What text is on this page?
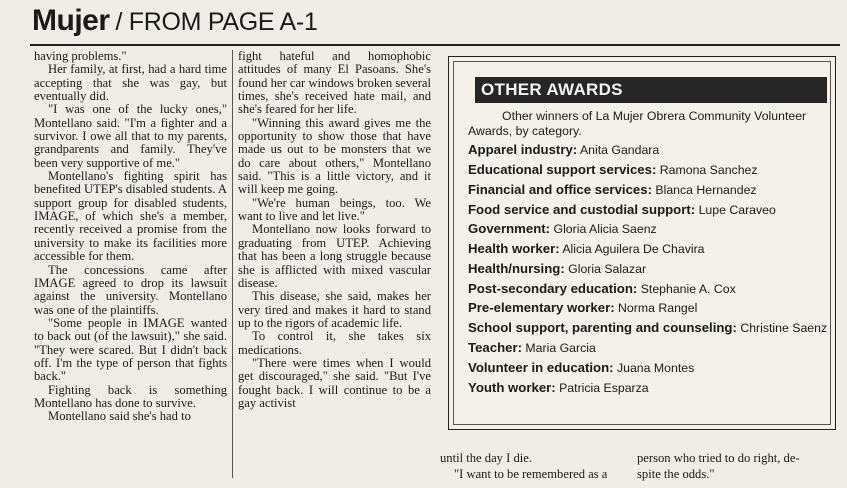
Mujer / FROM PAGE A-1

having problems."

Her family, at first, had a hard time accepting that she was gay, but eventually did.

"I was one of the lucky ones," Montellano said. "I'm a fighter and a survivor. I owe all that to my parents, grandparents and family. They've been very supportive of me."

Montellano's fighting spirit has benefited UTEP's disabled students. A support group for disabled students, IMAGE, of which she's a member, recently received a promise from the university to make its facilities more accessible for them.

The concessions came after IMAGE agreed to drop its lawsuit against the university. Montellano was one of the plaintiffs.

"Some people in IMAGE wanted to back out (of the lawsuit)," she said. "They were scared. But I didn't back off. I'm the type of person that fights back."

Fighting back is something Montellano has done to survive.

Montellano said she's had to

fight hateful and homophobic attitudes of many El Pasoans. She's found her car windows broken several times, she's received hate mail, and she's feared for her life.

"Winning this award gives me the opportunity to show those that have made us out to be monsters that we do care about others," Montellano said. "This is a little victory, and it will keep me going.

"We're human beings, too. We want to live and let live."

Montellano now looks forward to graduating from UTEP. Achieving that has been a long struggle because she is afflicted with mixed vascular disease.

This disease, she said, makes her very tired and makes it hard to stand up to the rigors of academic life.

To control it, she takes six medications.

"There were times when I would get discouraged," she said. "But I've fought back. I will continue to be a gay activist

OTHER AWARDS

Other winners of La Mujer Obrera Community Volunteer Awards, by category.

Apparel industry: Anita Gandara
Educational support services: Ramona Sanchez
Financial and office services: Blanca Hernandez
Food service and custodial support: Lupe Caraveo
Government: Gloria Alicia Saenz
Health worker: Alicia Aguilera De Chavira
Health/nursing: Gloria Salazar
Post-secondary education: Stephanie A. Cox
Pre-elementary worker: Norma Rangel
School support, parenting and counseling: Christine Saenz
Teacher: Maria Garcia
Volunteer in education: Juana Montes
Youth worker: Patricia Esparza
until the day I die.
"I want to be remembered as a
person who tried to do right, de-
spite the odds."
